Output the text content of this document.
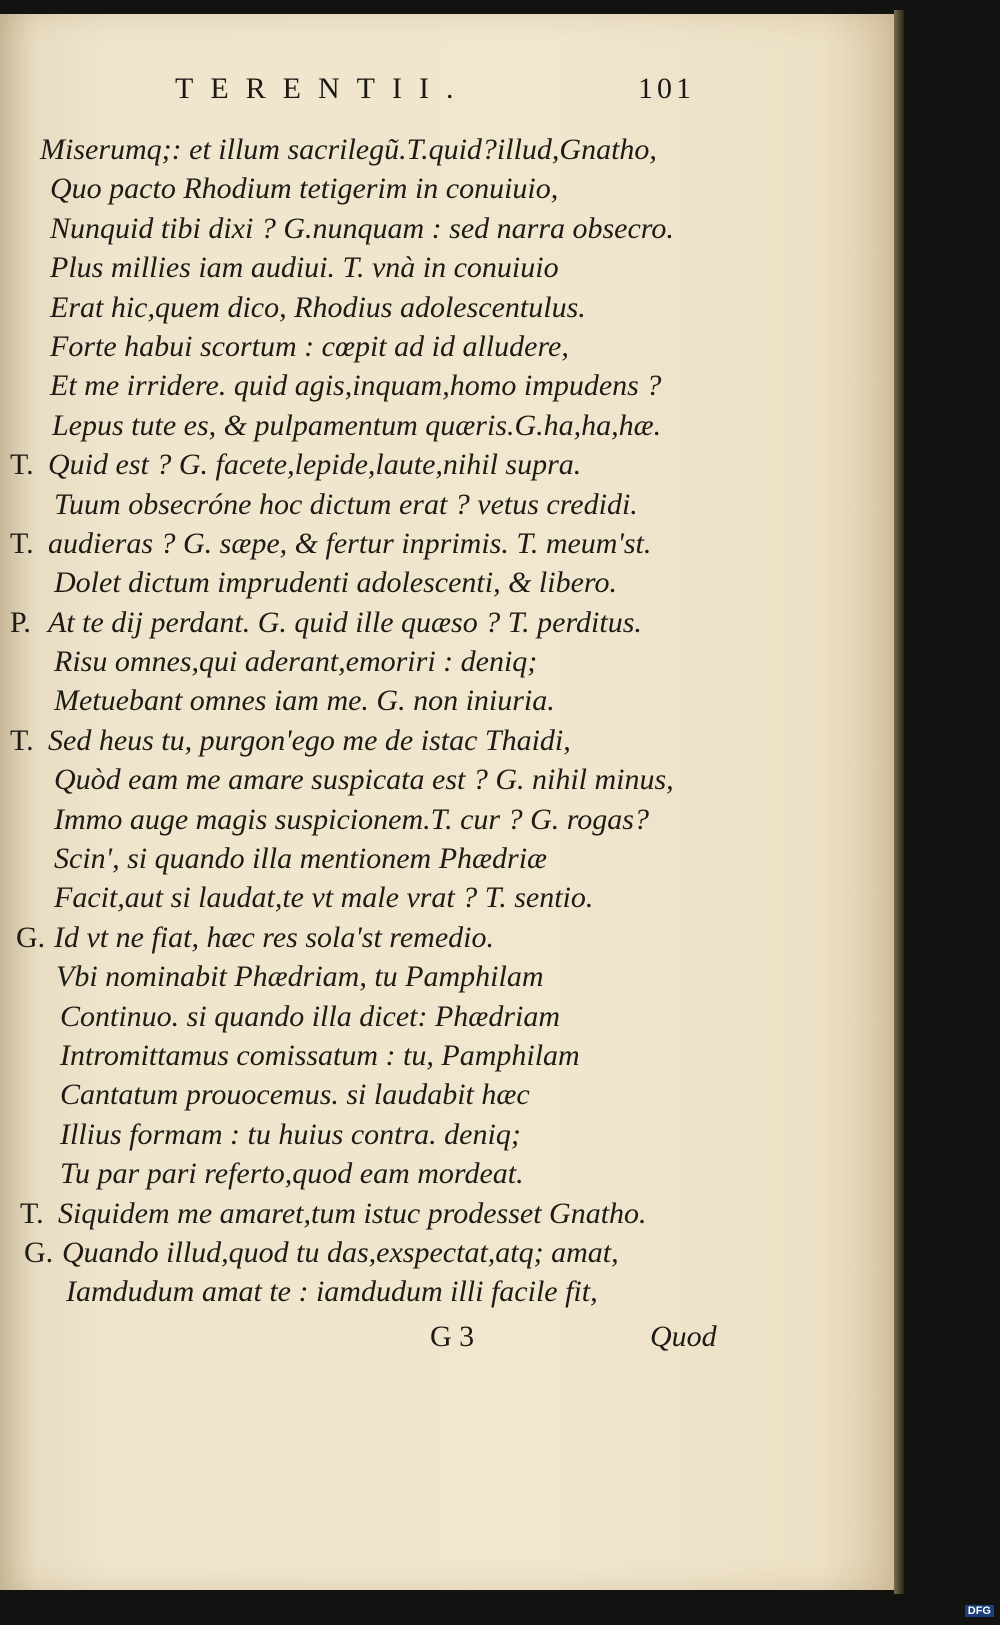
TERENTII.	101
Miserumq;: et illum sacrilegũ.T.quid?illud,Gnatho,
Quo pacto Rhodium tetigerim in conuiuio,
Nunquid tibi dixi ? G.nunquam : sed narra obsecro.
Plus millies iam audiui. T. vnà in conuiuio
Erat hic,quem dico, Rhodius adolescentulus.
Forte habui scortum : cœpit ad id alludere,
Et me irridere. quid agis,inquam,homo impudens ?
Lepus tute es, & pulpamentum quæris.G.ha,ha,hæ.
T. Quid est ? G. facete,lepide,laute,nihil supra.
Tuum obsecróne hoc dictum erat ? vetus credidi.
T. audieras ? G. sæpe, & fertur inprimis. T. meum'st.
Dolet dictum imprudenti adolescenti, & libero.
P. At te dij perdant. G. quid ille quæso ? T. perditus.
Risu omnes,qui aderant,emoriri : deniq;
Metuebant omnes iam me. G. non iniuria.
T. Sed heus tu, purgon'ego me de istac Thaidi,
Quòd eam me amare suspicata est ? G. nihil minus,
Immo auge magis suspicionem.T. cur ? G. rogas?
Scin', si quando illa mentionem Phædriæ
Facit,aut si laudat,te vt male vrat ? T. sentio.
G. Id vt ne fiat, hæc res sola'st remedio.
Vbi nominabit Phædriam, tu Pamphilam
Continuo. si quando illa dicet: Phædriam
Intromittamus comissatum : tu, Pamphilam
Cantatum prouocemus. si laudabit hæc
Illius formam : tu huius contra. deniq;
Tu par pari referto,quod eam mordeat.
T. Siquidem me amaret,tum istuc prodesset Gnatho.
G. Quando illud,quod tu das,exspectat,atq; amat,
Iamdudum amat te : iamdudum illi facile fit,
G 3	Quod
Digitalisierung gefördert durch die Deutsche Forschungsgemeinschaft - DFG
